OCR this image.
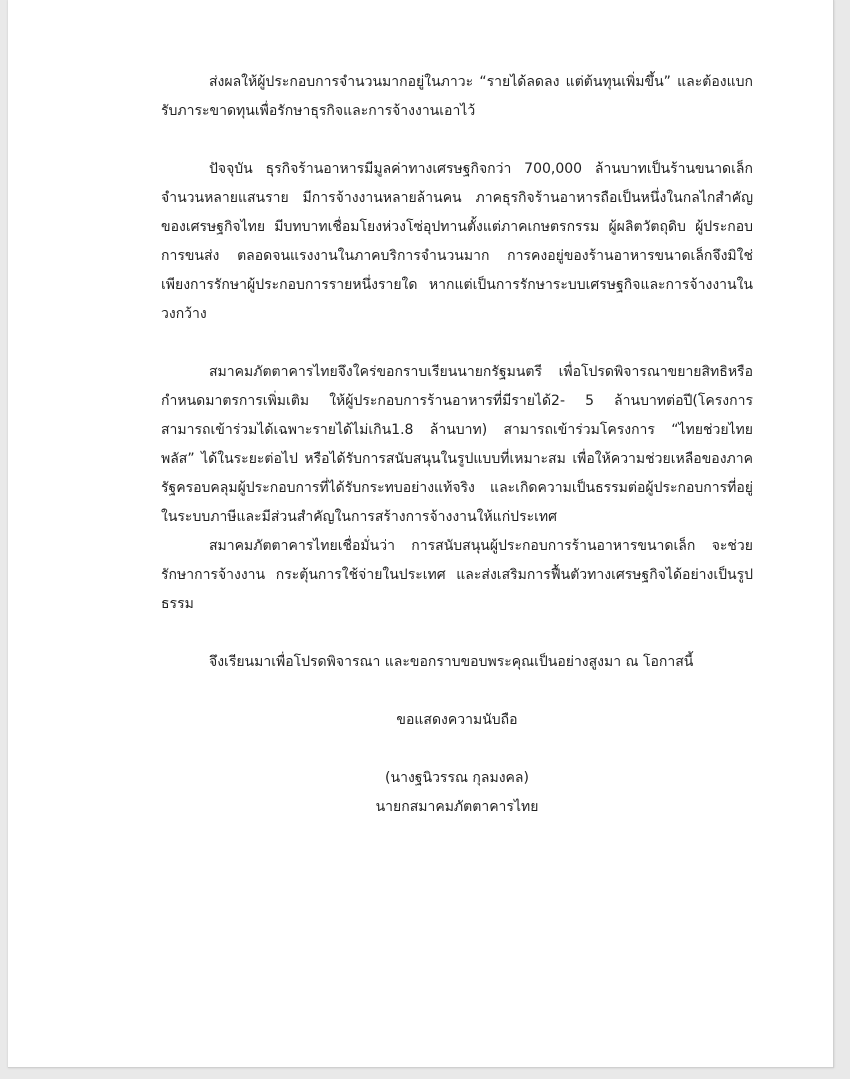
ส่งผลให้ผู้ประกอบการจำนวนมากอยู่ในภาวะ “รายได้ลดลง แต่ต้นทุนเพิ่มขึ้น” และต้องแบกรับภาระขาดทุนเพื่อรักษาธุรกิจและการจ้างงานเอาไว้

ปัจจุบัน ธุรกิจร้านอาหารมีมูลค่าทางเศรษฐกิจกว่า 700,000 ล้านบาทเป็นร้านขนาดเล็กจำนวนหลายแสนราย มีการจ้างงานหลายล้านคน ภาคธุรกิจร้านอาหารถือเป็นหนึ่งในกลไกสำคัญของเศรษฐกิจไทย มีบทบาทเชื่อมโยงห่วงโซ่อุปทานตั้งแต่ภาคเกษตรกรรม ผู้ผลิตวัตถุดิบ ผู้ประกอบการขนส่ง ตลอดจนแรงงานในภาคบริการจำนวนมาก การคงอยู่ของร้านอาหารขนาดเล็กจึงมิใช่เพียงการรักษาผู้ประกอบการรายหนึ่งรายใด หากแต่เป็นการรักษาระบบเศรษฐกิจและการจ้างงานในวงกว้าง

สมาคมภัตตาคารไทยจึงใคร่ขอกราบเรียนนายกรัฐมนตรี เพื่อโปรดพิจารณาขยายสิทธิหรือกำหนดมาตรการเพิ่มเติม ให้ผู้ประกอบการร้านอาหารที่มีรายได้2- 5 ล้านบาทต่อปี(โครงการสามารถเข้าร่วมได้เฉพาะรายได้ไม่เกิน1.8 ล้านบาท) สามารถเข้าร่วมโครงการ “ไทยช่วยไทย พลัส” ได้ในระยะต่อไป หรือได้รับการสนับสนุนในรูปแบบที่เหมาะสม เพื่อให้ความช่วยเหลือของภาครัฐครอบคลุมผู้ประกอบการที่ได้รับกระทบอย่างแท้จริง และเกิดความเป็นธรรมต่อผู้ประกอบการที่อยู่ในระบบภาษีและมีส่วนสำคัญในการสร้างการจ้างงานให้แก่ประเทศ

สมาคมภัตตาคารไทยเชื่อมั่นว่า การสนับสนุนผู้ประกอบการร้านอาหารขนาดเล็ก จะช่วยรักษาการจ้างงาน กระตุ้นการใช้จ่ายในประเทศ และส่งเสริมการฟื้นตัวทางเศรษฐกิจได้อย่างเป็นรูปธรรม

จึงเรียนมาเพื่อโปรดพิจารณา และขอกราบขอบพระคุณเป็นอย่างสูงมา ณ โอกาสนี้

ขอแสดงความนับถือ

(นางฐนิวรรณ กุลมงคล)

นายกสมาคมภัตตาคารไทย
